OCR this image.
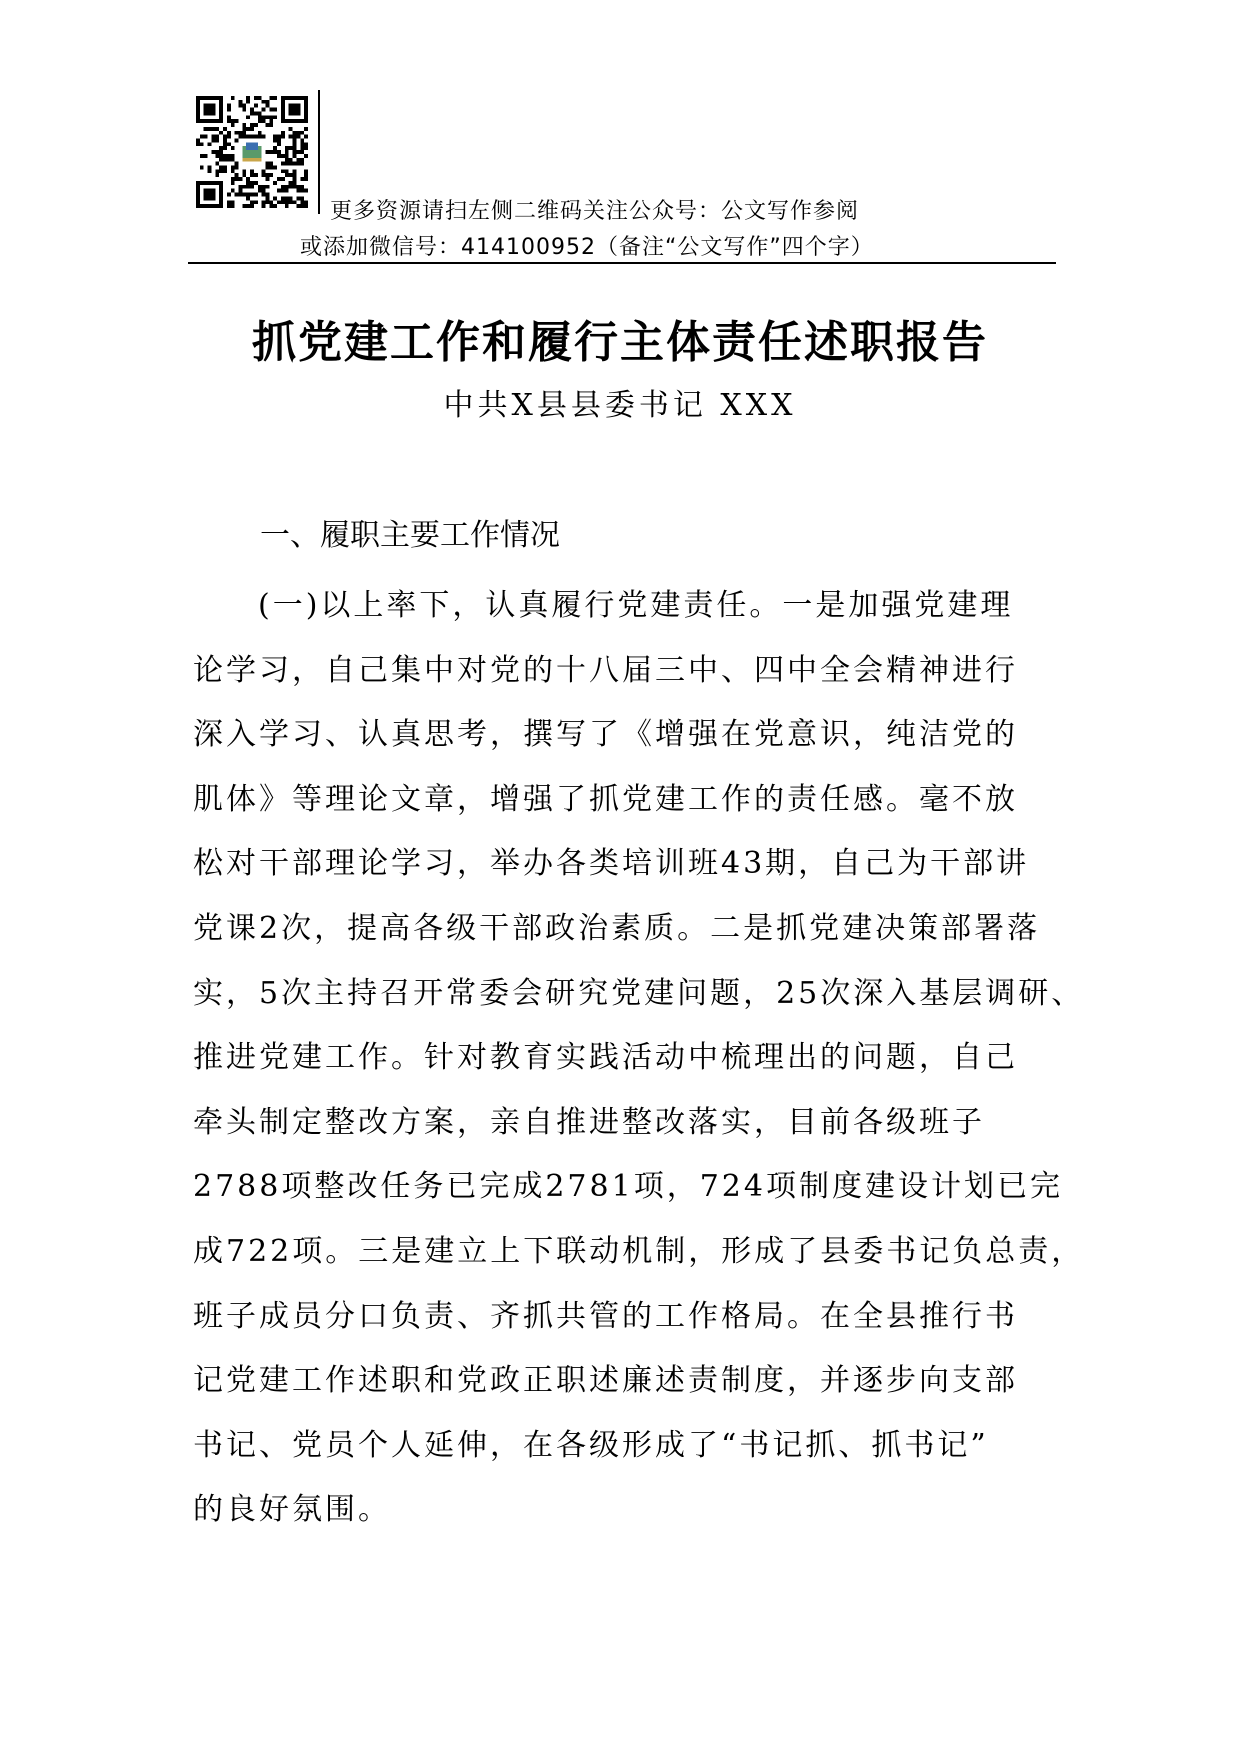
更多资源请扫左侧二维码关注公众号：公文写作参阅
或添加微信号：414100952（备注“公文写作”四个字）
抓党建工作和履行主体责任述职报告
中共X县县委书记 XXX
一、履职主要工作情况
(一)以上率下，认真履行党建责任。一是加强党建理
论学习，自己集中对党的十八届三中、四中全会精神进行
深入学习、认真思考，撰写了《增强在党意识，纯洁党的
肌体》等理论文章，增强了抓党建工作的责任感。毫不放
松对干部理论学习，举办各类培训班43期，自己为干部讲
党课2次，提高各级干部政治素质。二是抓党建决策部署落
实，5次主持召开常委会研究党建问题，25次深入基层调研、
推进党建工作。针对教育实践活动中梳理出的问题，自己
牵头制定整改方案，亲自推进整改落实，目前各级班子
2788项整改任务已完成2781项，724项制度建设计划已完
成722项。三是建立上下联动机制，形成了县委书记负总责，
班子成员分口负责、齐抓共管的工作格局。在全县推行书
记党建工作述职和党政正职述廉述责制度，并逐步向支部
书记、党员个人延伸，在各级形成了“书记抓、抓书记”
的良好氛围。
